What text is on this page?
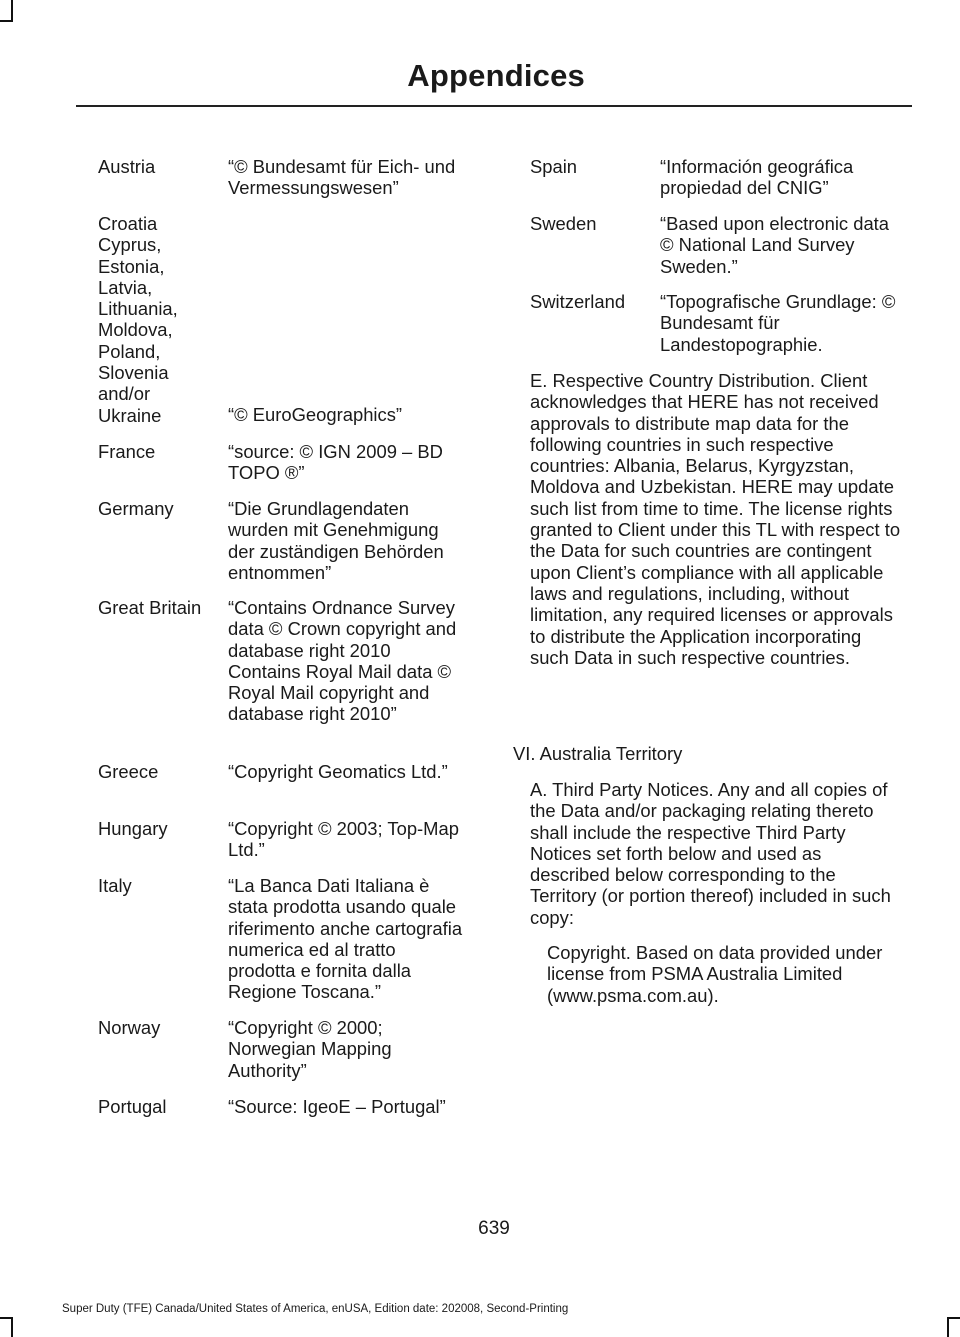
Appendices

Austria	“© Bundesamt für Eich- und Vermessungswesen”

Croatia Cyprus, Estonia, Latvia, Lithuania, Moldova, Poland, Slovenia and/or Ukraine	“© EuroGeographics”

France	“source: © IGN 2009 – BD TOPO ®”

Germany	“Die Grundlagendaten wurden mit Genehmigung der zuständigen Behörden entnommen”

Great Britain	“Contains Ordnance Survey data © Crown copyright and database right 2010 Contains Royal Mail data © Royal Mail copyright and database right 2010”

Greece	“Copyright Geomatics Ltd.”

Hungary	“Copyright © 2003; Top-Map Ltd.”

Italy	“La Banca Dati Italiana è stata prodotta usando quale riferimento anche cartografia numerica ed al tratto prodotta e fornita dalla Regione Toscana.”

Norway	“Copyright © 2000; Norwegian Mapping Authority”

Portugal	“Source: IgeoE – Portugal”

Spain	“Información geográfica propiedad del CNIG”

Sweden	“Based upon electronic data © National Land Survey Sweden.”

Switzerland	“Topografische Grundlage: © Bundesamt für Landestopographie.

E. Respective Country Distribution. Client acknowledges that HERE has not received approvals to distribute map data for the following countries in such respective countries: Albania, Belarus, Kyrgyzstan, Moldova and Uzbekistan. HERE may update such list from time to time. The license rights granted to Client under this TL with respect to the Data for such countries are contingent upon Client’s compliance with all applicable laws and regulations, including, without limitation, any required licenses or approvals to distribute the Application incorporating such Data in such respective countries.

VI. Australia Territory

A. Third Party Notices. Any and all copies of the Data and/or packaging relating thereto shall include the respective Third Party Notices set forth below and used as described below corresponding to the Territory (or portion thereof) included in such copy:

Copyright. Based on data provided under license from PSMA Australia Limited (www.psma.com.au).

639
Super Duty (TFE) Canada/United States of America, enUSA, Edition date: 202008, Second-Printing
